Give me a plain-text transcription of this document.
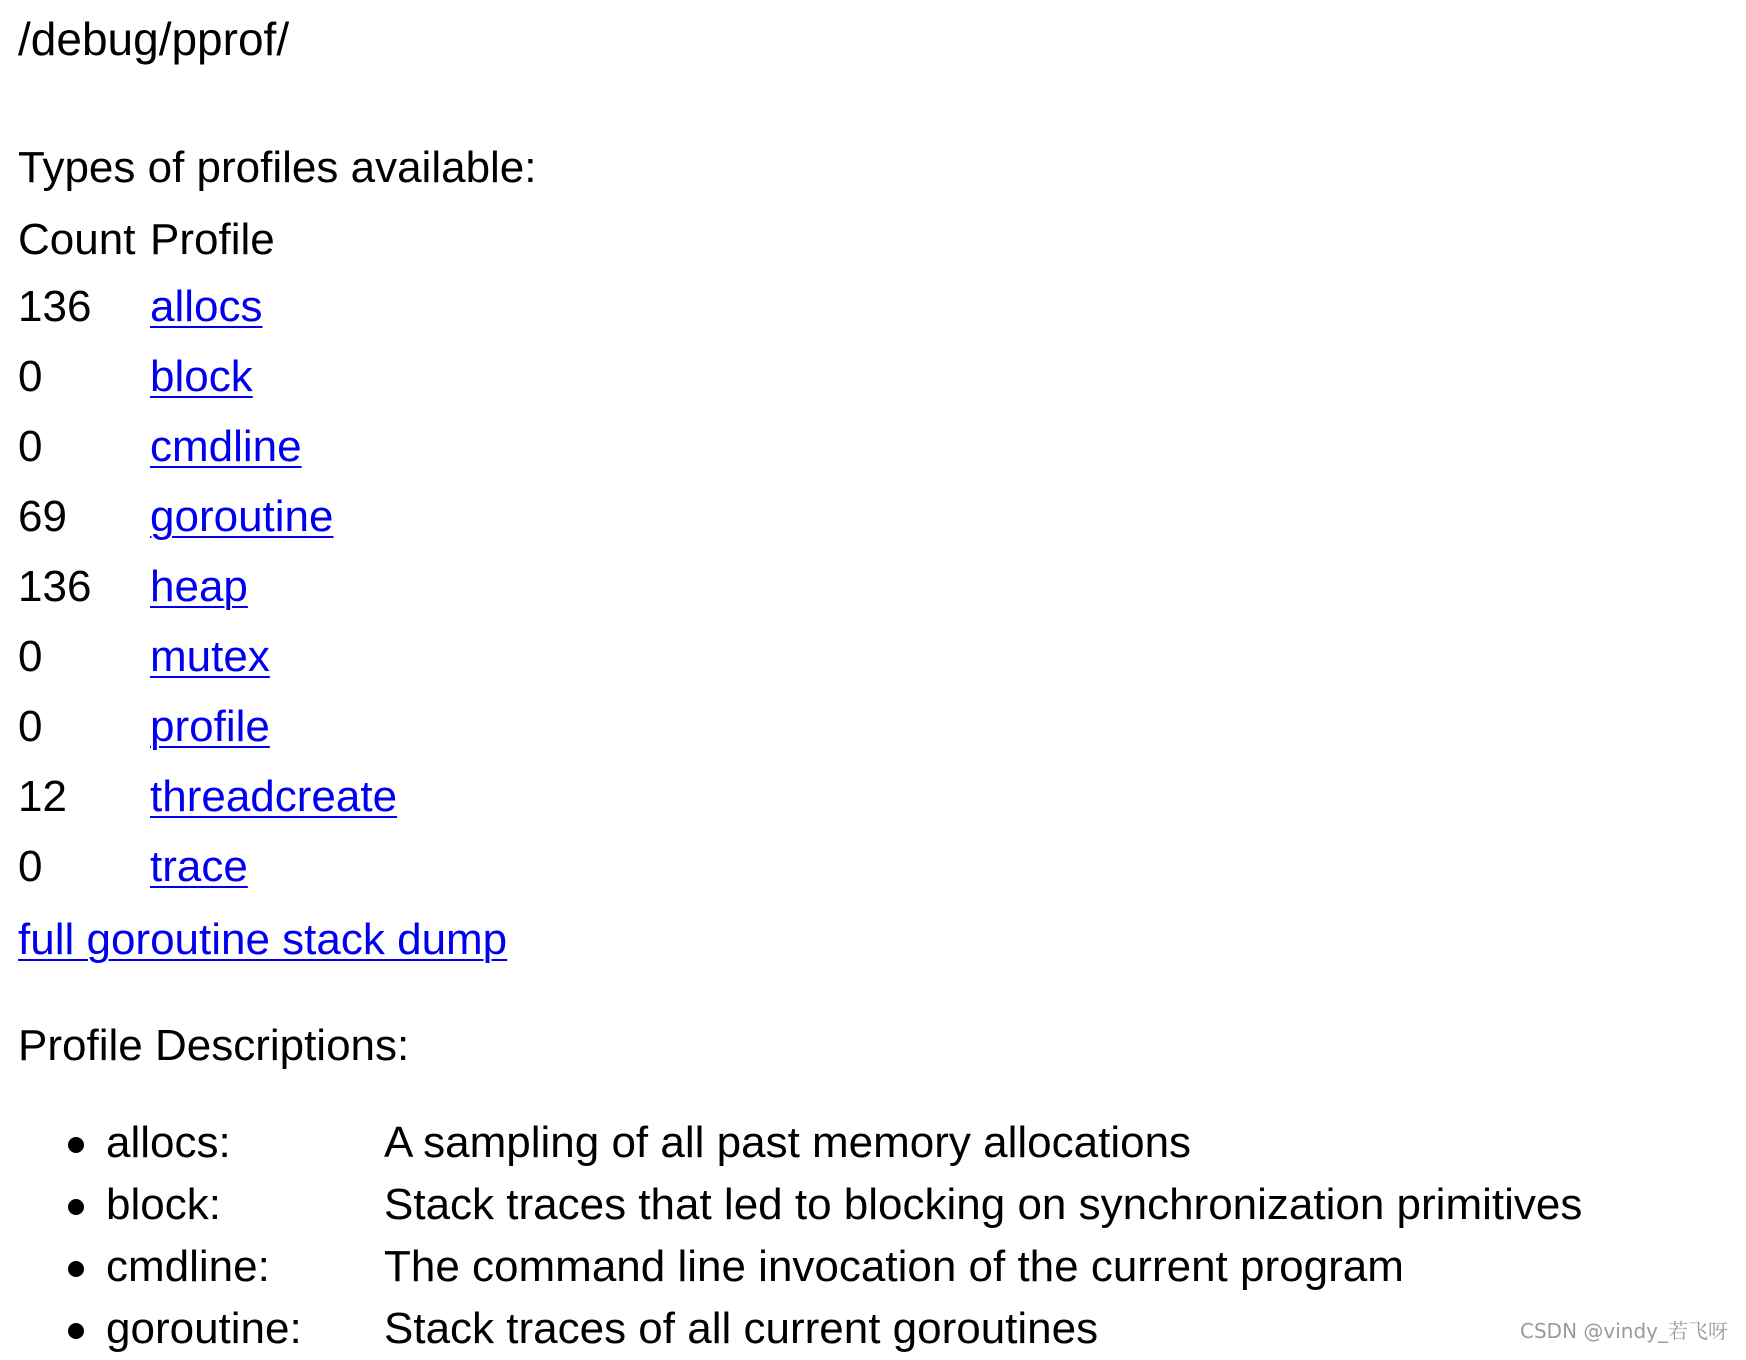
/debug/pprof/

Types of profiles available:

Count	Profile
136	allocs
0	block
0	cmdline
69	goroutine
136	heap
0	mutex
0	profile
12	threadcreate
0	trace
full goroutine stack dump

Profile Descriptions:

allocs:	A sampling of all past memory allocations
block:	Stack traces that led to blocking on synchronization primitives
cmdline:	The command line invocation of the current program
goroutine: Stack traces of all current goroutines	CSDN @vindy_若飞呀
